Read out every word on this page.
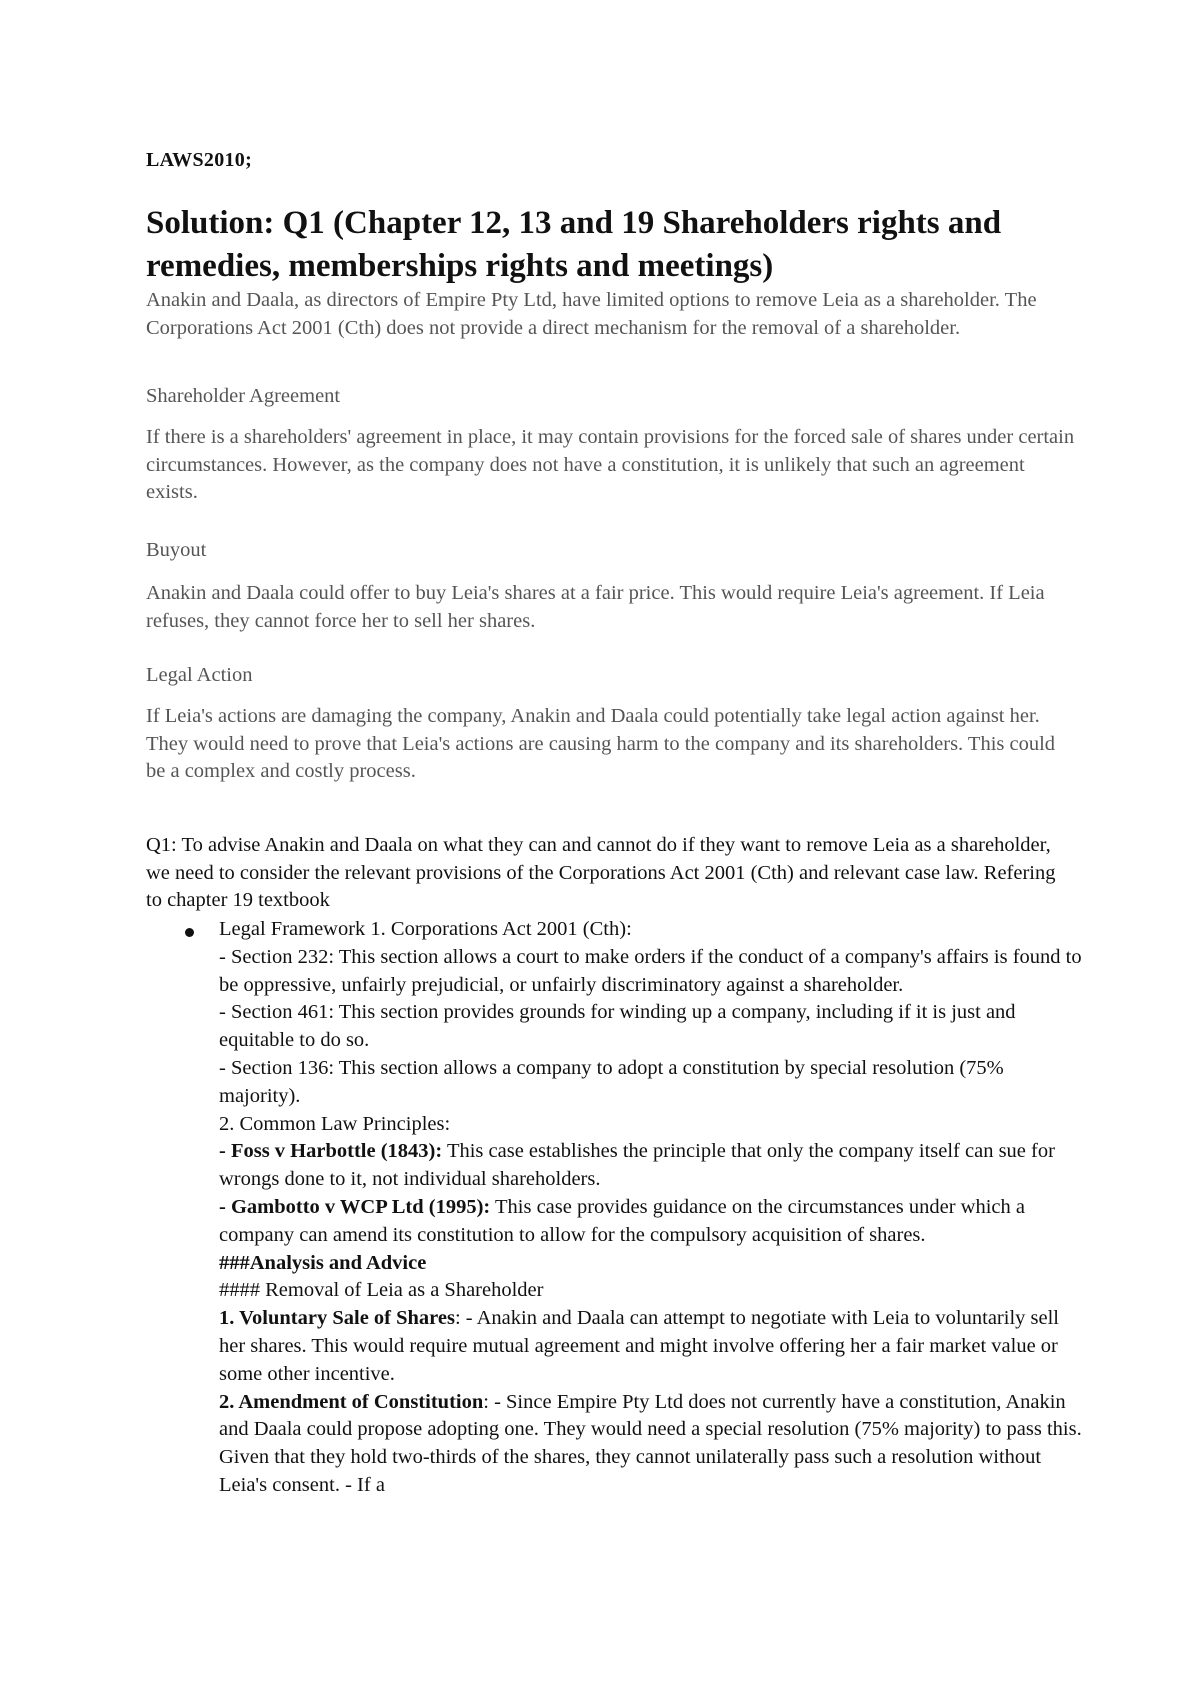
LAWS2010;
Solution: Q1 (Chapter 12, 13 and 19 Shareholders rights and remedies, memberships rights and meetings)

Anakin and Daala, as directors of Empire Pty Ltd, have limited options to remove Leia as a shareholder. The Corporations Act 2001 (Cth) does not provide a direct mechanism for the removal of a shareholder.

Shareholder Agreement

If there is a shareholders' agreement in place, it may contain provisions for the forced sale of shares under certain circumstances. However, as the company does not have a constitution, it is unlikely that such an agreement exists.

Buyout

Anakin and Daala could offer to buy Leia's shares at a fair price. This would require Leia's agreement. If Leia refuses, they cannot force her to sell her shares.

Legal Action

If Leia's actions are damaging the company, Anakin and Daala could potentially take legal action against her. They would need to prove that Leia's actions are causing harm to the company and its shareholders. This could be a complex and costly process.

Q1: To advise Anakin and Daala on what they can and cannot do if they want to remove Leia as a shareholder, we need to consider the relevant provisions of the Corporations Act 2001 (Cth) and relevant case law. Refering to chapter 19 textbook

Legal Framework 1. Corporations Act 2001 (Cth):

- Section 232: This section allows a court to make orders if the conduct of a company's affairs is found to be oppressive, unfairly prejudicial, or unfairly discriminatory against a shareholder.

- Section 461: This section provides grounds for winding up a company, including if it is just and equitable to do so.

- Section 136: This section allows a company to adopt a constitution by special resolution (75% majority).

2. Common Law Principles:

- Foss v Harbottle (1843): This case establishes the principle that only the company itself can sue for wrongs done to it, not individual shareholders.

- Gambotto v WCP Ltd (1995): This case provides guidance on the circumstances under which a company can amend its constitution to allow for the compulsory acquisition of shares.

###Analysis and Advice

#### Removal of Leia as a Shareholder

1. Voluntary Sale of Shares: - Anakin and Daala can attempt to negotiate with Leia to voluntarily sell her shares. This would require mutual agreement and might involve offering her a fair market value or some other incentive.

2. Amendment of Constitution: - Since Empire Pty Ltd does not currently have a constitution, Anakin and Daala could propose adopting one. They would need a special resolution (75% majority) to pass this. Given that they hold two-thirds of the shares, they cannot unilaterally pass such a resolution without Leia's consent. - If a
